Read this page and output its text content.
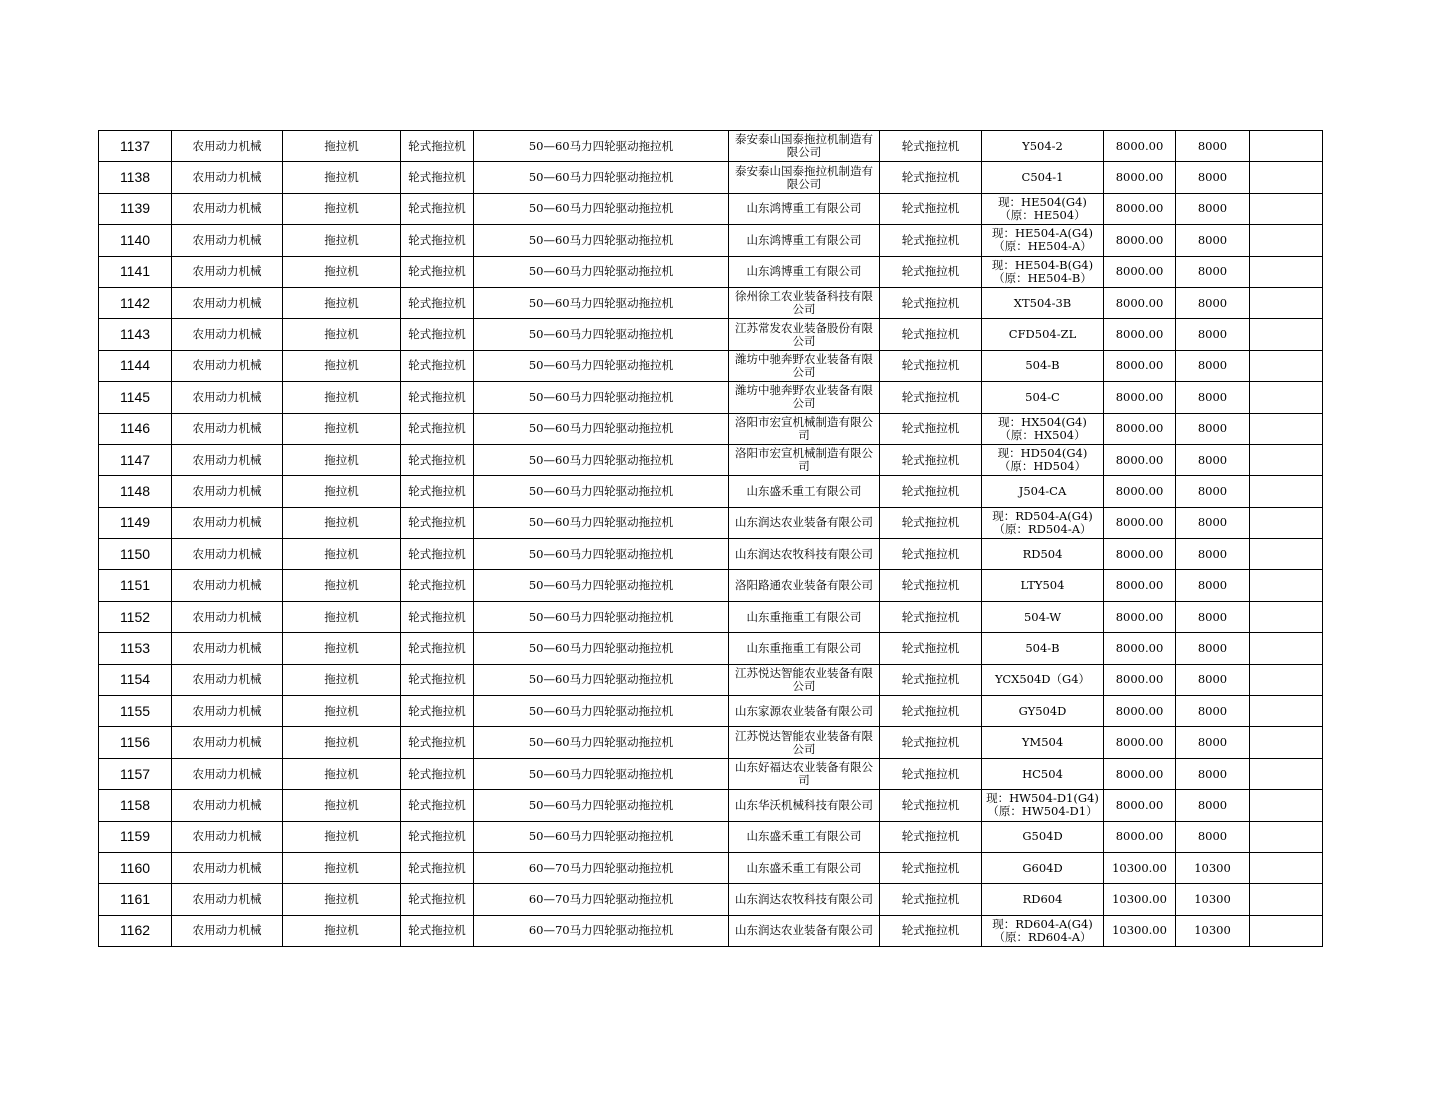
1137	农用动力机械	拖拉机	轮式拖拉机	50—60马力四轮驱动拖拉机	泰安泰山国泰拖拉机制造有限公司	轮式拖拉机	Y504-2	8000.00	8000	
1138	农用动力机械	拖拉机	轮式拖拉机	50—60马力四轮驱动拖拉机	泰安泰山国泰拖拉机制造有限公司	轮式拖拉机	C504-1	8000.00	8000	
1139	农用动力机械	拖拉机	轮式拖拉机	50—60马力四轮驱动拖拉机	山东鸿博重工有限公司	轮式拖拉机	现：HE504(G4)（原：HE504）	8000.00	8000	
1140	农用动力机械	拖拉机	轮式拖拉机	50—60马力四轮驱动拖拉机	山东鸿博重工有限公司	轮式拖拉机	现：HE504-A(G4)（原：HE504-A）	8000.00	8000	
1141	农用动力机械	拖拉机	轮式拖拉机	50—60马力四轮驱动拖拉机	山东鸿博重工有限公司	轮式拖拉机	现：HE504-B(G4)（原：HE504-B）	8000.00	8000	
1142	农用动力机械	拖拉机	轮式拖拉机	50—60马力四轮驱动拖拉机	徐州徐工农业装备科技有限公司	轮式拖拉机	XT504-3B	8000.00	8000	
1143	农用动力机械	拖拉机	轮式拖拉机	50—60马力四轮驱动拖拉机	江苏常发农业装备股份有限公司	轮式拖拉机	CFD504-ZL	8000.00	8000	
1144	农用动力机械	拖拉机	轮式拖拉机	50—60马力四轮驱动拖拉机	潍坊中驰奔野农业装备有限公司	轮式拖拉机	504-B	8000.00	8000	
1145	农用动力机械	拖拉机	轮式拖拉机	50—60马力四轮驱动拖拉机	潍坊中驰奔野农业装备有限公司	轮式拖拉机	504-C	8000.00	8000	
1146	农用动力机械	拖拉机	轮式拖拉机	50—60马力四轮驱动拖拉机	洛阳市宏宣机械制造有限公司	轮式拖拉机	现：HX504(G4)（原：HX504）	8000.00	8000	
1147	农用动力机械	拖拉机	轮式拖拉机	50—60马力四轮驱动拖拉机	洛阳市宏宣机械制造有限公司	轮式拖拉机	现：HD504(G4)（原：HD504）	8000.00	8000	
1148	农用动力机械	拖拉机	轮式拖拉机	50—60马力四轮驱动拖拉机	山东盛禾重工有限公司	轮式拖拉机	J504-CA	8000.00	8000	
1149	农用动力机械	拖拉机	轮式拖拉机	50—60马力四轮驱动拖拉机	山东润达农业装备有限公司	轮式拖拉机	现：RD504-A(G4)（原：RD504-A）	8000.00	8000	
1150	农用动力机械	拖拉机	轮式拖拉机	50—60马力四轮驱动拖拉机	山东润达农牧科技有限公司	轮式拖拉机	RD504	8000.00	8000	
1151	农用动力机械	拖拉机	轮式拖拉机	50—60马力四轮驱动拖拉机	洛阳路通农业装备有限公司	轮式拖拉机	LTY504	8000.00	8000	
1152	农用动力机械	拖拉机	轮式拖拉机	50—60马力四轮驱动拖拉机	山东重拖重工有限公司	轮式拖拉机	504-W	8000.00	8000	
1153	农用动力机械	拖拉机	轮式拖拉机	50—60马力四轮驱动拖拉机	山东重拖重工有限公司	轮式拖拉机	504-B	8000.00	8000	
1154	农用动力机械	拖拉机	轮式拖拉机	50—60马力四轮驱动拖拉机	江苏悦达智能农业装备有限公司	轮式拖拉机	YCX504D（G4）	8000.00	8000	
1155	农用动力机械	拖拉机	轮式拖拉机	50—60马力四轮驱动拖拉机	山东家源农业装备有限公司	轮式拖拉机	GY504D	8000.00	8000	
1156	农用动力机械	拖拉机	轮式拖拉机	50—60马力四轮驱动拖拉机	江苏悦达智能农业装备有限公司	轮式拖拉机	YM504	8000.00	8000	
1157	农用动力机械	拖拉机	轮式拖拉机	50—60马力四轮驱动拖拉机	山东好福达农业装备有限公司	轮式拖拉机	HC504	8000.00	8000	
1158	农用动力机械	拖拉机	轮式拖拉机	50—60马力四轮驱动拖拉机	山东华沃机械科技有限公司	轮式拖拉机	现：HW504-D1(G4)（原：HW504-D1）	8000.00	8000	
1159	农用动力机械	拖拉机	轮式拖拉机	50—60马力四轮驱动拖拉机	山东盛禾重工有限公司	轮式拖拉机	G504D	8000.00	8000	
1160	农用动力机械	拖拉机	轮式拖拉机	60—70马力四轮驱动拖拉机	山东盛禾重工有限公司	轮式拖拉机	G604D	10300.00	10300	
1161	农用动力机械	拖拉机	轮式拖拉机	60—70马力四轮驱动拖拉机	山东润达农牧科技有限公司	轮式拖拉机	RD604	10300.00	10300	
1162	农用动力机械	拖拉机	轮式拖拉机	60—70马力四轮驱动拖拉机	山东润达农业装备有限公司	轮式拖拉机	现：RD604-A(G4)（原：RD604-A）	10300.00	10300	
